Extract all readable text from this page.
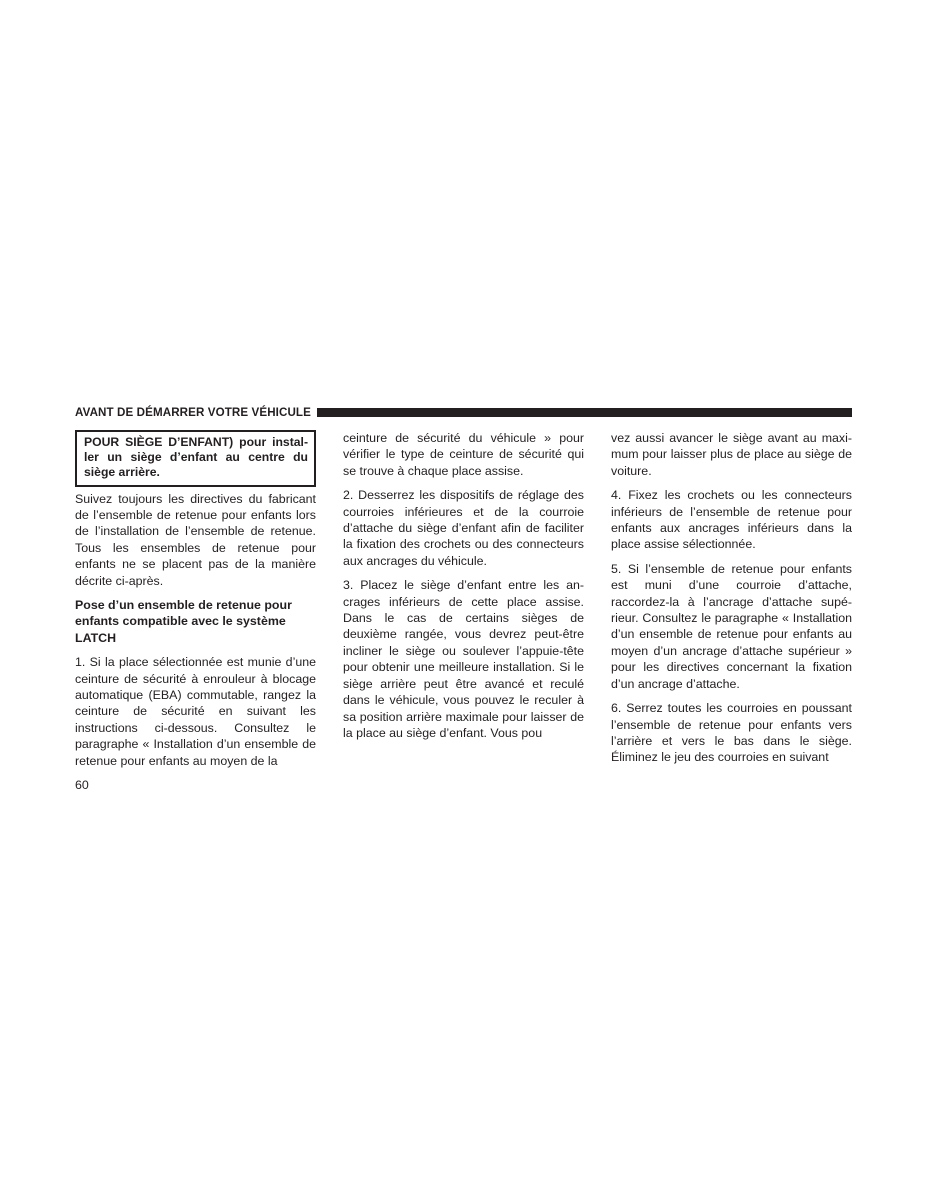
AVANT DE DÉMARRER VOTRE VÉHICULE
POUR SIÈGE D’ENFANT) pour installer un siège d’enfant au centre du siège arrière.

Suivez toujours les directives du fabricant de l’ensemble de retenue pour enfants lors de l’installation de l’ensemble de retenue. Tous les ensembles de retenue pour enfants ne se placent pas de la manière décrite ci-après.

Pose d’un ensemble de retenue pour enfants compatible avec le système LATCH

1. Si la place sélectionnée est munie d’une ceinture de sécurité à enrouleur à blocage automatique (EBA) commutable, rangez la ceinture de sécurité en suivant les instructions ci-dessous. Consultez le paragraphe « Installation d’un ensemble de retenue pour enfants au moyen de la

ceinture de sécurité du véhicule » pour vérifier le type de ceinture de sécurité qui se trouve à chaque place assise.

2. Desserrez les dispositifs de réglage des courroies inférieures et de la courroie d’attache du siège d’enfant afin de faciliter la fixation des crochets ou des connecteurs aux ancrages du véhicule.

3. Placez le siège d’enfant entre les ancrages inférieurs de cette place assise. Dans le cas de certains sièges de deuxième rangée, vous devrez peut-être incliner le siège ou soulever l’appuie-tête pour obtenir une meilleure installation. Si le siège arrière peut être avancé et reculé dans le véhicule, vous pouvez le reculer à sa position arrière maximale pour laisser de la place au siège d’enfant. Vous pou

vez aussi avancer le siège avant au maximum pour laisser plus de place au siège de voiture.

4. Fixez les crochets ou les connecteurs inférieurs de l’ensemble de retenue pour enfants aux ancrages inférieurs dans la place assise sélectionnée.

5. Si l’ensemble de retenue pour enfants est muni d’une courroie d’attache, raccordez-la à l’ancrage d’attache supérieur. Consultez le paragraphe « Installation d’un ensemble de retenue pour enfants au moyen d’un ancrage d’attache supérieur » pour les directives concernant la fixation d’un ancrage d’attache.

6. Serrez toutes les courroies en poussant l’ensemble de retenue pour enfants vers l’arrière et vers le bas dans le siège. Éliminez le jeu des courroies en suivant

60
